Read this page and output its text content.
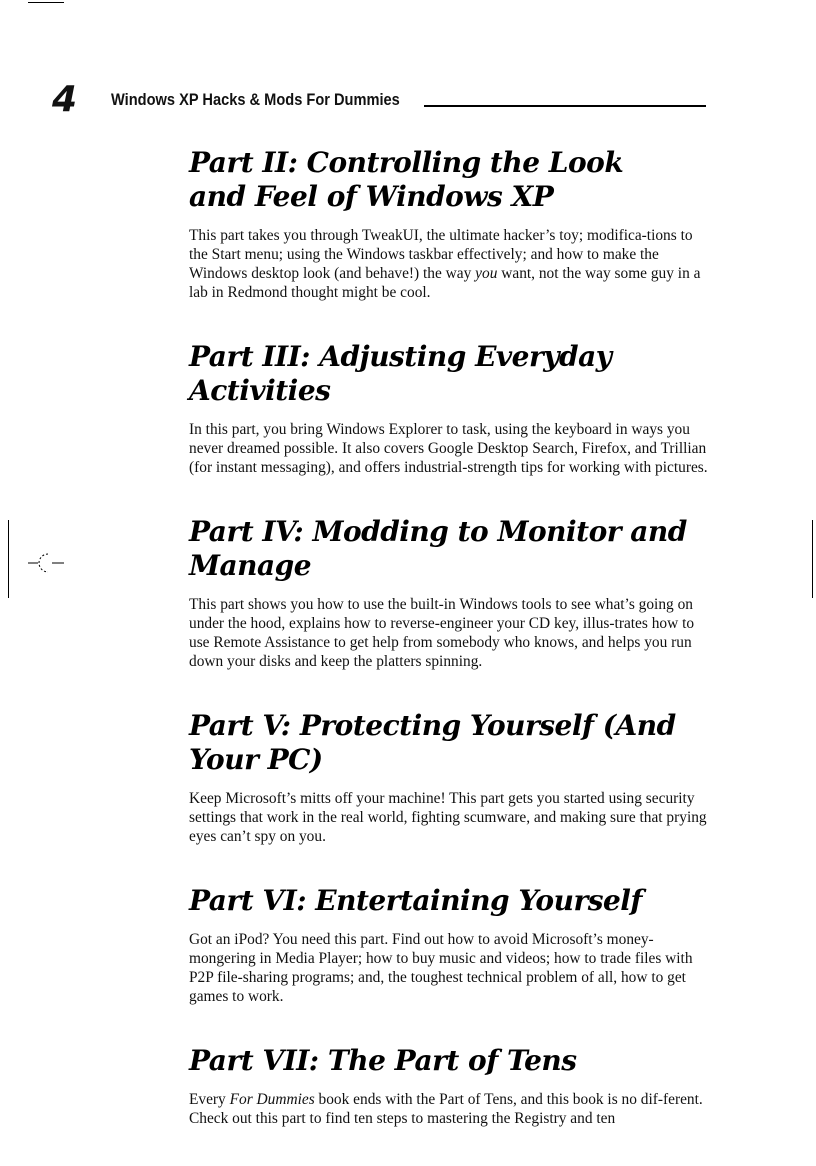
4 Windows XP Hacks & Mods For Dummies
Part II: Controlling the Look
and Feel of Windows XP

This part takes you through TweakUI, the ultimate hacker’s toy; modifica-tions to the Start menu; using the Windows taskbar effectively; and how to make the Windows desktop look (and behave!) the way you want, not the way some guy in a lab in Redmond thought might be cool.

Part III: Adjusting Everyday Activities

In this part, you bring Windows Explorer to task, using the keyboard in ways you never dreamed possible. It also covers Google Desktop Search, Firefox, and Trillian (for instant messaging), and offers industrial-strength tips for working with pictures.

Part IV: Modding to Monitor and Manage

This part shows you how to use the built-in Windows tools to see what’s going on under the hood, explains how to reverse-engineer your CD key, illus-trates how to use Remote Assistance to get help from somebody who knows, and helps you run down your disks and keep the platters spinning.

Part V: Protecting Yourself (And Your PC)

Keep Microsoft’s mitts off your machine! This part gets you started using security settings that work in the real world, fighting scumware, and making sure that prying eyes can’t spy on you.

Part VI: Entertaining Yourself

Got an iPod? You need this part. Find out how to avoid Microsoft’s money-mongering in Media Player; how to buy music and videos; how to trade files with P2P file-sharing programs; and, the toughest technical problem of all, how to get games to work.

Part VII: The Part of Tens

Every For Dummies book ends with the Part of Tens, and this book is no dif-ferent. Check out this part to find ten steps to mastering the Registry and ten
